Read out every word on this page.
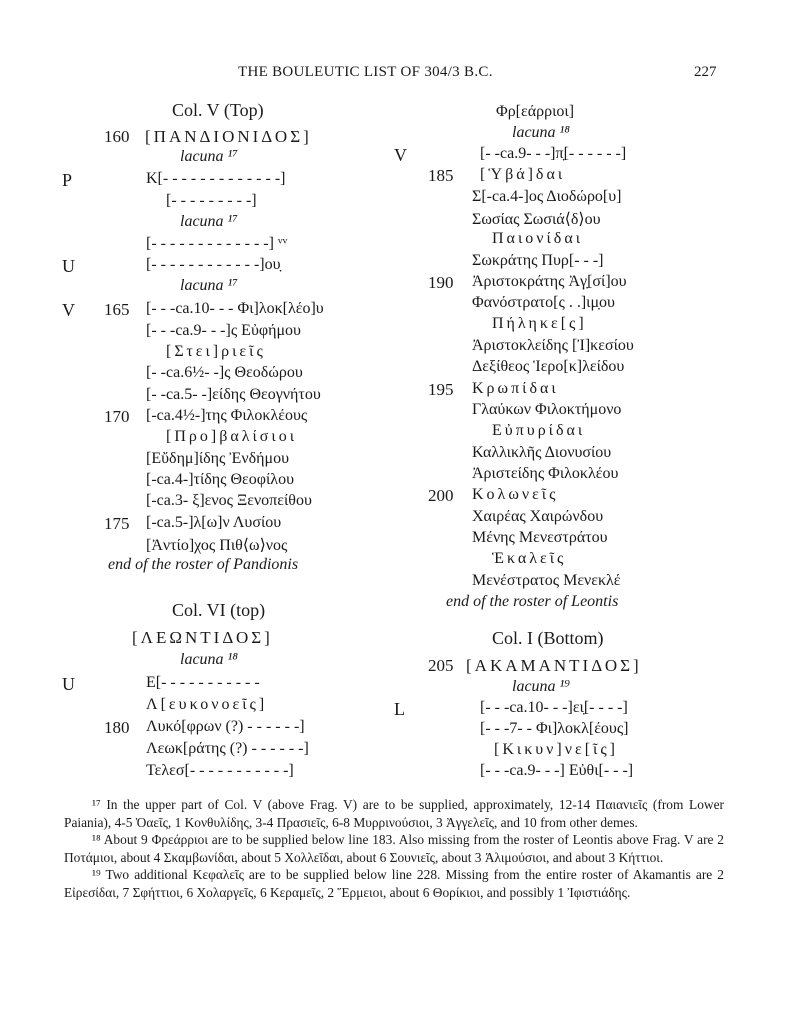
THE BOULEUTIC LIST OF 304/3 B.C.	227
Col. V (Top)
160 [ΠΑΝΔΙΟΝΙΔΟΣ]
lacuna ¹⁷
P	Κ[- - - - - - - - - - - - -]
[- - - - - - - - -]
lacuna ¹⁷
[- - - - - - - - - - - - -] ᵛᵛ
U	[- - - - - - - - - - - -]ου̣
lacuna ¹⁷
V 165 [- - -ca.10- - - Φι]λοκ[λέο]υ
[- - -ca.9- - -]ς Εὐφήμου
[Στει]ριεῖς
[- -ca.6½- -]ς Θεοδώρου
[- -ca.5- -]είδης Θεογνήτου
170 [-ca.4½-]της Φιλοκλέους
[Προ]βαλίσιοι
[Εὔδημ]ίδης Ἐνδήμου
[-ca.4-]τίδης Θεοφίλου
[-ca.3- ξ]ενος Ξενοπείθου
175 [-ca.5-]λ[ω]ν Λυσίου
[Ἀντίο]χος Πιθ⟨ω⟩νος
end of the roster of Pandionis
Col. VI (top)
[ΛΕΩΝΤΙΔΟΣ]
lacuna ¹⁸
U	Ε[- - - - - - - - - - -
Λ[ευκονοεῖς]
180 Λυκό[φρων (?) - - - - - -]
Λεωκ[ράτης (?) - - - - - -]
Τελεσ[- - - - - - - - - - -]
Φρ[εάρριοι]
lacuna ¹⁸
V	[- -ca.9- - -]π̣[- - - - - -]
185 [Ὑβά]δαι
Σ[-ca.4-]ος Διοδώρο[υ]
Σωσίας Σωσιά⟨δ⟩ου
Παιονίδαι
Σωκράτης Πυρ[- - -]
190 Ἀριστοκράτης Ἀγ̣[σί]ου
Φανόστρατο[ς . .]ιμ̣ου
Πήληκε[ς]
Ἀριστοκλείδης [Ἰ]κεσίου
Δεξίθεος Ἱερο[κ]λείδου
195 Κρωπίδαι
Γλαύκων Φιλοκτήμονο
Εὐπυρίδαι
Καλλικλῆς Διονυσίου
Ἀριστείδης Φιλοκλέου
200 Κολωνεῖς
Χαιρέας Χαιρώνδου
Μένης Μενεστράτου
Ἑκαλεῖς
Μενέστρατος Μενεκλέ
end of the roster of Leontis
Col. I (Bottom)
205 [ΑΚΑΜΑΝΤΙΔΟΣ]
lacuna ¹⁹
L	[- - -ca.10- - -]ει̣[- - - -]
[- - -7- - Φι]λοκλ[έους]
[Κικυν]νε[ῖς]
[- - -ca.9- - -] Εὐθι[- - -]

¹⁷ In the upper part of Col. V (above Frag. V) are to be supplied, approximately, 12-14 Παιανιεῖς (from Lower Paiania), 4-5 Ὀαεῖς, 1 Κονθυλίδης, 3-4 Πρασιεῖς, 6-8 Μυρρινούσιοι, 3 Ἀγγελεῖς, and 10 from other demes.

¹⁸ About 9 Φρεάρριοι are to be supplied below line 183. Also missing from the roster of Leontis above Frag. V are 2 Ποτάμιοι, about 4 Σκαμβωνίδαι, about 5 Χολλεῖδαι, about 6 Σουνιεῖς, about 3 Ἁλιμούσιοι, and about 3 Κήττιοι.

¹⁹ Two additional Κεφαλεῖς are to be supplied below line 228. Missing from the entire roster of Akamantis are 2 Εἰρεσίδαι, 7 Σφήττιοι, 6 Χολαργεῖς, 6 Κεραμεῖς, 2 Ἕρμειοι, about 6 Θορίκιοι, and possibly 1 Ἰφιστιάδης.
